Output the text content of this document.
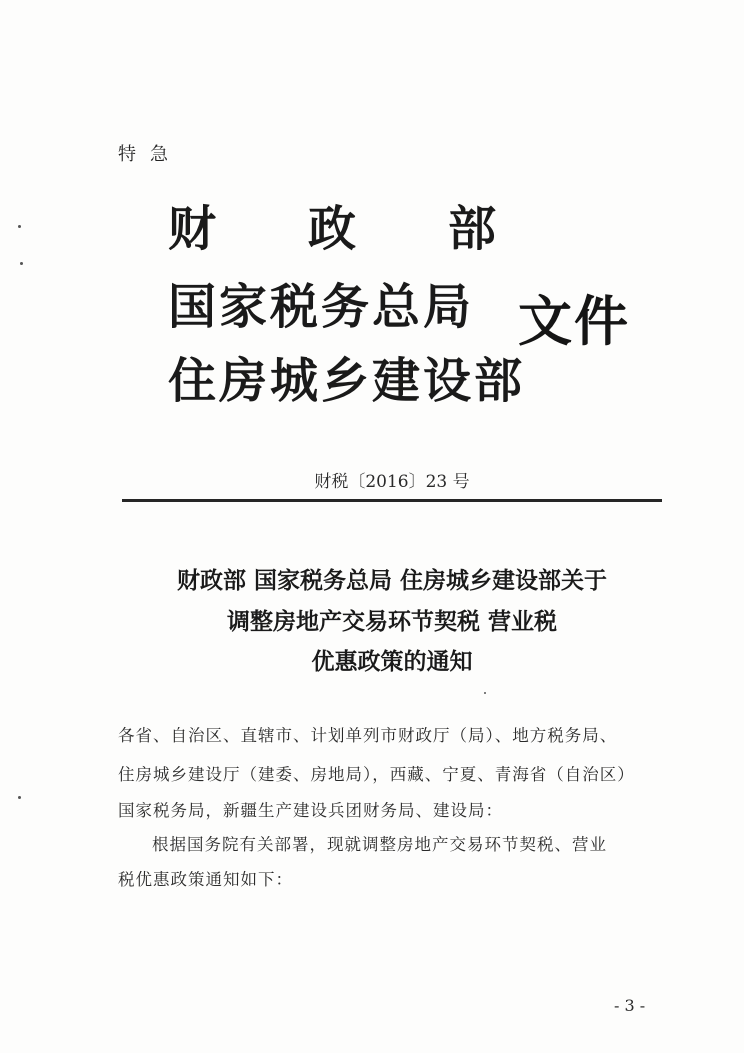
特急
财 政 部
国家税务总局
住房城乡建设部
文件
财税〔2016〕23 号
财政部 国家税务总局 住房城乡建设部关于
调整房地产交易环节契税 营业税
优惠政策的通知
各省、自治区、直辖市、计划单列市财政厅（局）、地方税务局、
住房城乡建设厅（建委、房地局），西藏、宁夏、青海省（自治区）
国家税务局，新疆生产建设兵团财务局、建设局：
根据国务院有关部署，现就调整房地产交易环节契税、营业
税优惠政策通知如下：
- 3 -
